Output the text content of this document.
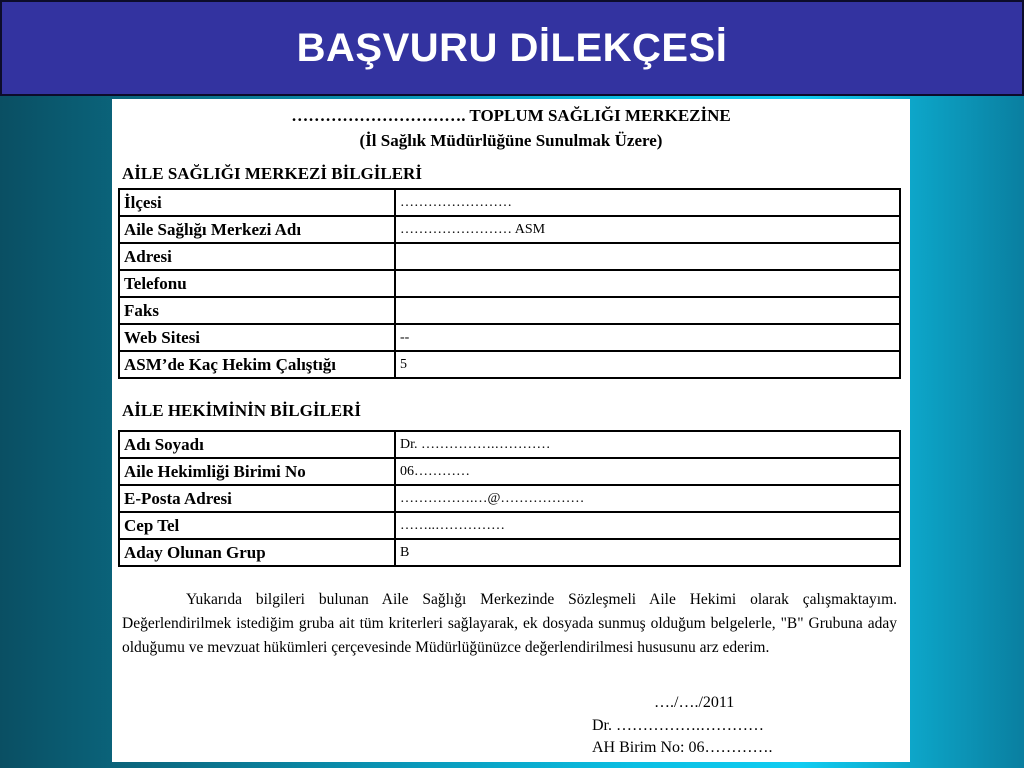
BAŞVURU DİLEKÇESİ
…………………………. TOPLUM SAĞLIĞI MERKEZİNE
(İl Sağlık Müdürlüğüne Sunulmak Üzere)
AİLE SAĞLIĞI MERKEZİ BİLGİLERİ
İlçesi	……………………
Aile Sağlığı Merkezi Adı	…………………… ASM
Adresi	
Telefonu	
Faks	
Web Sitesi	--
ASM’de Kaç Hekim Çalıştığı	5
AİLE HEKİMİNİN BİLGİLERİ
Adı Soyadı	Dr. …………….…………
Aile Hekimliği Birimi No	06…………
E-Posta Adresi	…………….…@………………
Cep Tel	……..……………
Aday Olunan Grup	B
Yukarıda bilgileri bulunan Aile Sağlığı Merkezinde Sözleşmeli Aile Hekimi olarak çalışmaktayım. Değerlendirilmek istediğim gruba ait tüm kriterleri sağlayarak, ek dosyada sunmuş olduğum belgelerle, "B" Grubuna aday olduğumu ve mevzuat hükümleri çerçevesinde Müdürlüğünüzce değerlendirilmesi hususunu arz ederim.
…./…./2011
Dr. …………….…………
AH Birim No: 06………….
